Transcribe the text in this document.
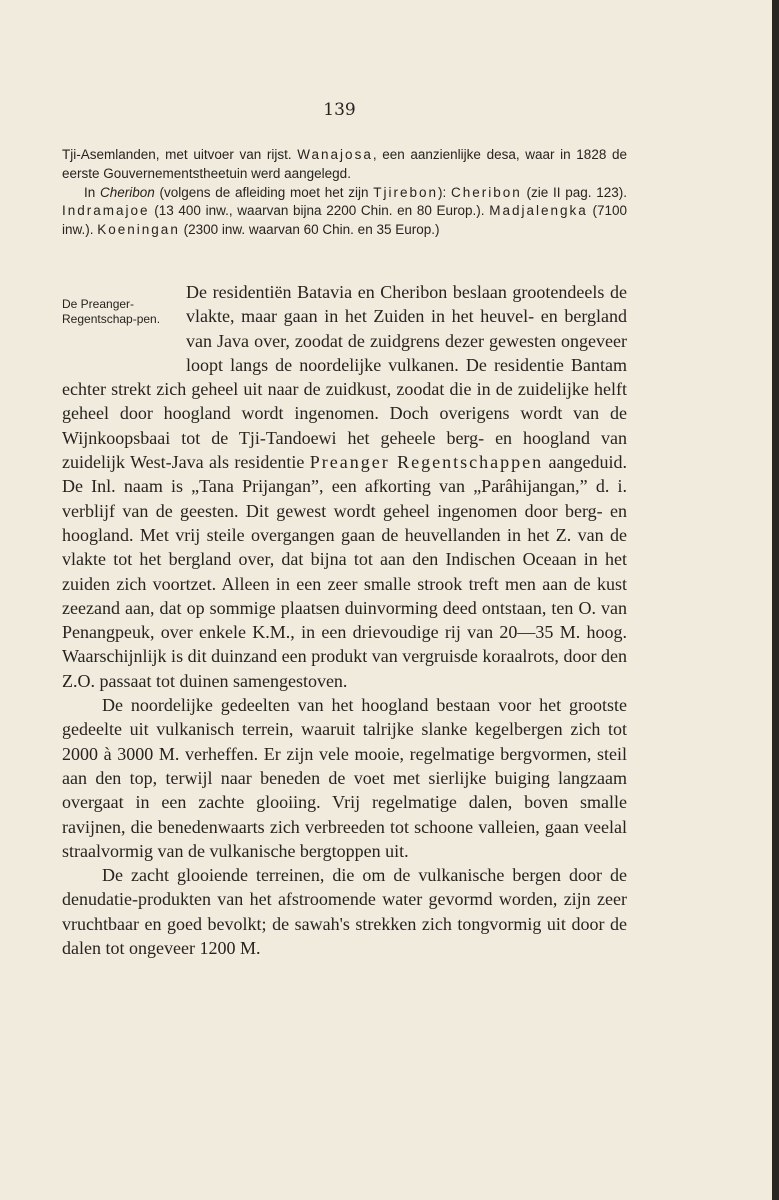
139

Tji-Asemlanden, met uitvoer van rijst. Wanajosa, een aanzienlijke desa, waar in 1828 de eerste Gouvernementstheetuin werd aangelegd.

In Cheribon (volgens de afleiding moet het zijn Tjirebon): Cheribon (zie II pag. 123). Indramajoe (13 400 inw., waarvan bijna 2200 Chin. en 80 Europ.). Madjalengka (7100 inw.). Koeningan (2300 inw. waarvan 60 Chin. en 35 Europ.)

De Preanger-Regentschap-pen.

De residentiën Batavia en Cheribon beslaan grootendeels de vlakte, maar gaan in het Zuiden in het heuvel- en bergland van Java over, zoodat de zuidgrens dezer gewesten ongeveer loopt langs de noordelijke vulkanen. De residentie Bantam echter strekt zich geheel uit naar de zuidkust, zoodat die in de zuidelijke helft geheel door hoogland wordt ingenomen. Doch overigens wordt van de Wijnkoopsbaai tot de Tji-Tandoewi het geheele berg- en hoogland van zuidelijk West-Java als residentie Preanger Regentschappen aangeduid. De Inl. naam is „Tana Prijangan”, een afkorting van „Parâhijangan,” d. i. verblijf van de geesten. Dit gewest wordt geheel ingenomen door berg- en hoogland. Met vrij steile overgangen gaan de heuvellanden in het Z. van de vlakte tot het bergland over, dat bijna tot aan den Indischen Oceaan in het zuiden zich voortzet. Alleen in een zeer smalle strook treft men aan de kust zeezand aan, dat op sommige plaatsen duinvorming deed ontstaan, ten O. van Penangpeuk, over enkele K.M., in een drievoudige rij van 20—35 M. hoog. Waarschijnlijk is dit duinzand een produkt van vergruisde koraalrots, door den Z.O. passaat tot duinen samengestoven.

De noordelijke gedeelten van het hoogland bestaan voor het grootste gedeelte uit vulkanisch terrein, waaruit talrijke slanke kegelbergen zich tot 2000 à 3000 M. verheffen. Er zijn vele mooie, regelmatige bergvormen, steil aan den top, terwijl naar beneden de voet met sierlijke buiging langzaam overgaat in een zachte glooiing. Vrij regelmatige dalen, boven smalle ravijnen, die benedenwaarts zich verbreeden tot schoone valleien, gaan veelal straalvormig van de vulkanische bergtoppen uit.

De zacht glooiende terreinen, die om de vulkanische bergen door de denudatie-produkten van het afstroomende water gevormd worden, zijn zeer vruchtbaar en goed bevolkt; de sawah's strekken zich tongvormig uit door de dalen tot ongeveer 1200 M.
